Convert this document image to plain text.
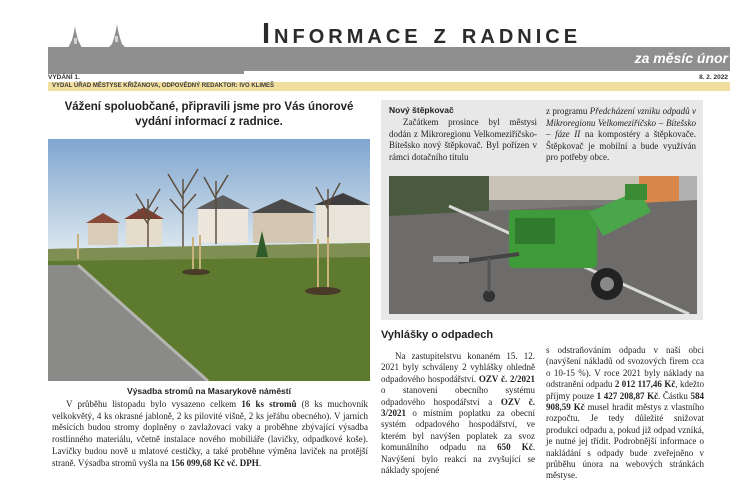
Informace z radnice
za měsíc únor
VYDÁNÍ 1.	8. 2. 2022
VYDAL ÚŘAD MĚSTYSE KŘIŽANOVA, ODPOVĚDNÝ REDAKTOR: IVO KLIMEŠ
Vážení spoluobčané, připravili jsme pro Vás únorové vydání informací z radnice.
Výsadba stromů na Masarykově náměstí

V průběhu listopadu bylo vysazeno celkem 16 ks stromů (8 ks muchovník velkokvětý, 4 ks okrasné jabloně, 2 ks pilovité višně, 2 ks jeřábu obecného). V jarních měsících budou stromy doplněny o zavlažovací vaky a proběhne zbývající výsadba rostlinného materiálu, včetně instalace nového mobiliáře (lavičky, odpadkové koše). Lavičky budou nově u mlatové cestičky, a také proběhne výměna laviček na protější straně. Výsadba stromů vyšla na 156 099,68 Kč vč. DPH.

Nový štěpkovač

Začátkem prosince byl městysi dodán z Mikroregionu Velkomeziříčsko-Bítešsko nový štěpkovač. Byl pořízen v rámci dotačního titulu

z programu Předcházení vzniku odpadů v Mikroregionu Velkomeziříčsko – Bítešsko – fáze II na kompostéry a štěpkovače. Štěpkovač je mobilní a bude využíván pro potřeby obce.

Vyhlášky o odpadech

Na zastupitelstvu konaném 15. 12. 2021 byly schváleny 2 vyhlášky ohledně odpadového hospodářství. OZV č. 2/2021 o stanovení obecního systému odpadového hospodářství a OZV č. 3/2021 o místním poplatku za obecní systém odpadového hospodářství, ve kterém byl navýšen poplatek za svoz komunálního odpadu na 650 Kč. Navýšení bylo reakcí na zvyšující se náklady spojené

s odstraňováním odpadu v naší obci (navýšení nákladů od svozových firem cca o 10-15 %). V roce 2021 byly náklady na odstranění odpadu 2 012 117,46 Kč, kdežto příjmy pouze 1 427 208,87 Kč. Částku 584 908,59 Kč musel hradit městys z vlastního rozpočtu. Je tedy důležité snižovat produkci odpadu a, pokud již odpad vzniká, je nutné jej třídit. Podrobnější informace o nakládání s odpady bude zveřejněno v průběhu února na webových stránkách městyse.
